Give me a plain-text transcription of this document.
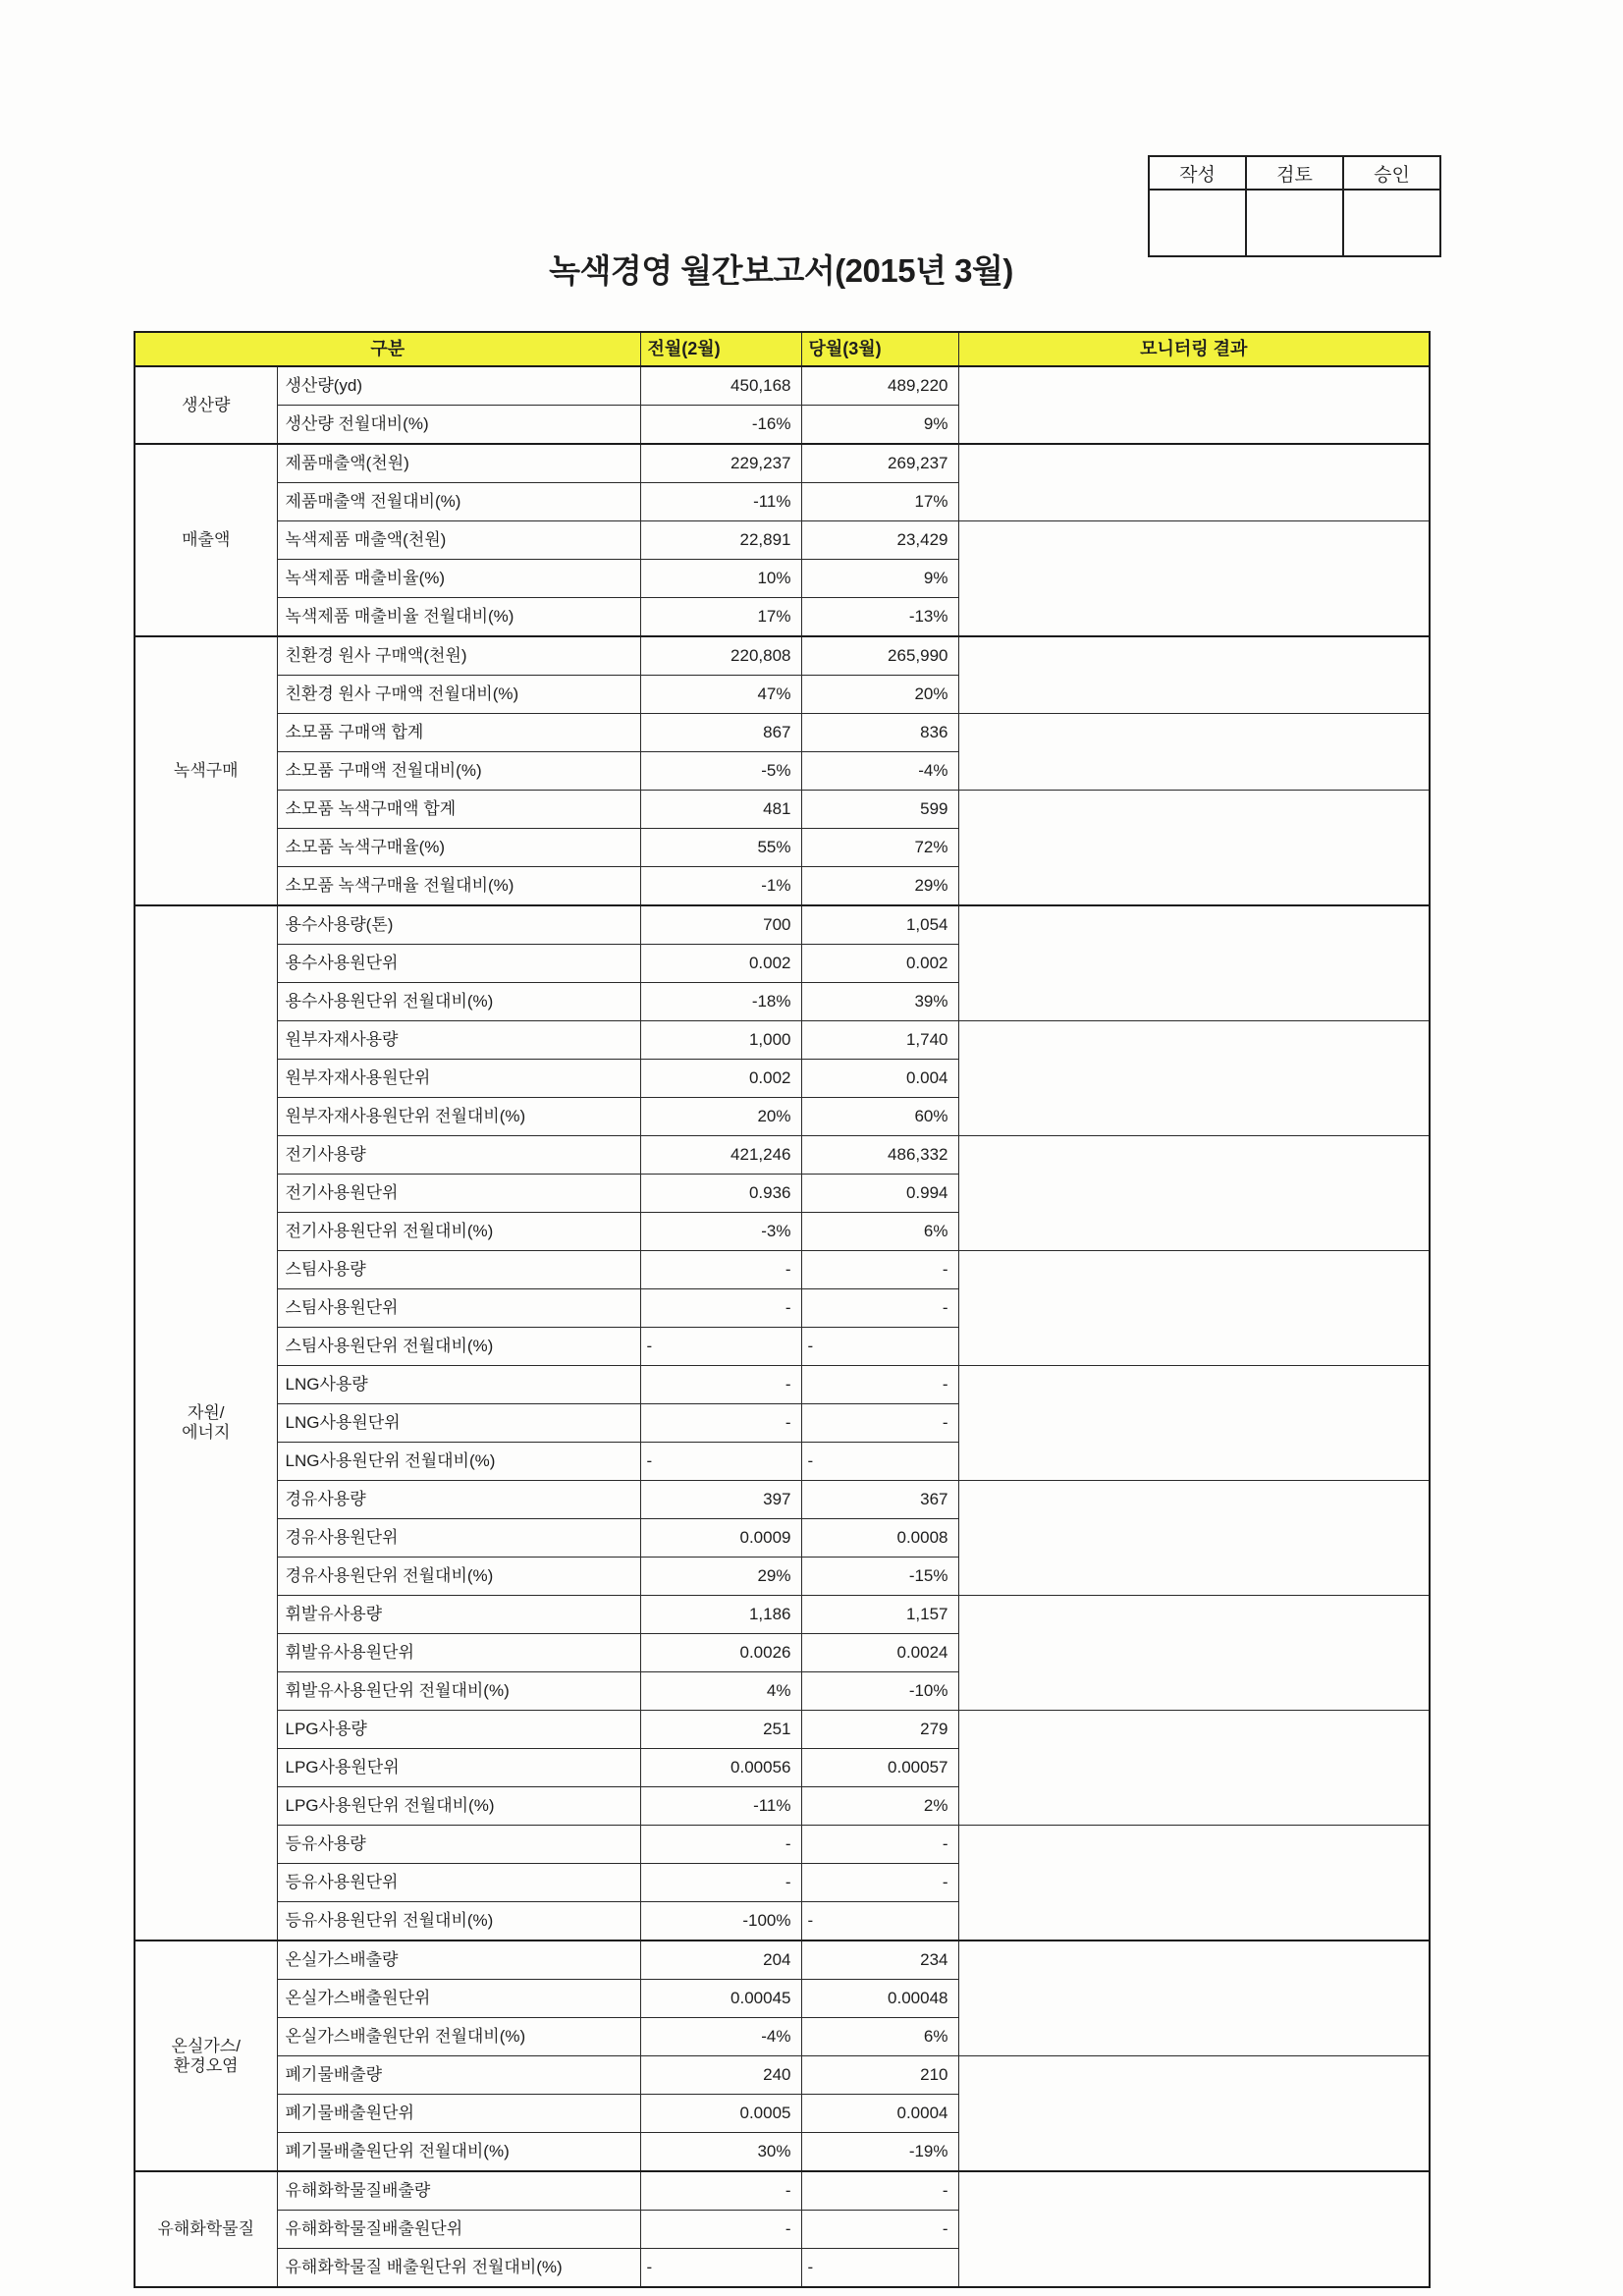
작성	검토	승인

녹색경영 월간보고서(2015년 3월)
구분		전월(2월)	당월(3월)	모니터링 결과

생산량	생산량(yd)	450,168	489,220	
	생산량 전월대비(%)	-16%	9%	

매출액	제품매출액(천원)	229,237	269,237	
	제품매출액 전월대비(%)	-11%	17%	
	녹색제품 매출액(천원)	22,891	23,429	
	녹색제품 매출비율(%)	10%	9%	
	녹색제품 매출비율 전월대비(%)	17%	-13%	

녹색구매	친환경 원사 구매액(천원)	220,808	265,990	
	친환경 원사 구매액 전월대비(%)	47%	20%	
	소모품 구매액 합계	867	836	
	소모품 구매액 전월대비(%)	-5%	-4%	
	소모품 녹색구매액 합계	481	599	
	소모품 녹색구매율(%)	55%	72%	
	소모품 녹색구매율 전월대비(%)	-1%	29%	

자원/
에너지	용수사용량(톤)	700	1,054	
	용수사용원단위	0.002	0.002	
	용수사용원단위 전월대비(%)	-18%	39%	
	원부자재사용량	1,000	1,740	
	원부자재사용원단위	0.002	0.004	
	원부자재사용원단위 전월대비(%)	20%	60%	
	전기사용량	421,246	486,332	
	전기사용원단위	0.936	0.994	
	전기사용원단위 전월대비(%)	-3%	6%	
	스팀사용량	-	-	
	스팀사용원단위	-	-	
	스팀사용원단위 전월대비(%)	-	-	
	LNG사용량	-	-	
	LNG사용원단위	-	-	
	LNG사용원단위 전월대비(%)	-	-	
	경유사용량	397	367	
	경유사용원단위	0.0009	0.0008	
	경유사용원단위 전월대비(%)	29%	-15%	
	휘발유사용량	1,186	1,157	
	휘발유사용원단위	0.0026	0.0024	
	휘발유사용원단위 전월대비(%)	4%	-10%	
	LPG사용량	251	279	
	LPG사용원단위	0.00056	0.00057	
	LPG사용원단위 전월대비(%)	-11%	2%	
	등유사용량	-	-	
	등유사용원단위	-	-	
	등유사용원단위 전월대비(%)	-100%	-	

온실가스/
환경오염	온실가스배출량	204	234	
	온실가스배출원단위	0.00045	0.00048	
	온실가스배출원단위 전월대비(%)	-4%	6%	
	폐기물배출량	240	210	
	폐기물배출원단위	0.0005	0.0004	
	폐기물배출원단위 전월대비(%)	30%	-19%	

유해화학물질	유해화학물질배출량	-	-	
	유해화학물질배출원단위	-	-	
	유해화학물질 배출원단위 전월대비(%)	-	-	
